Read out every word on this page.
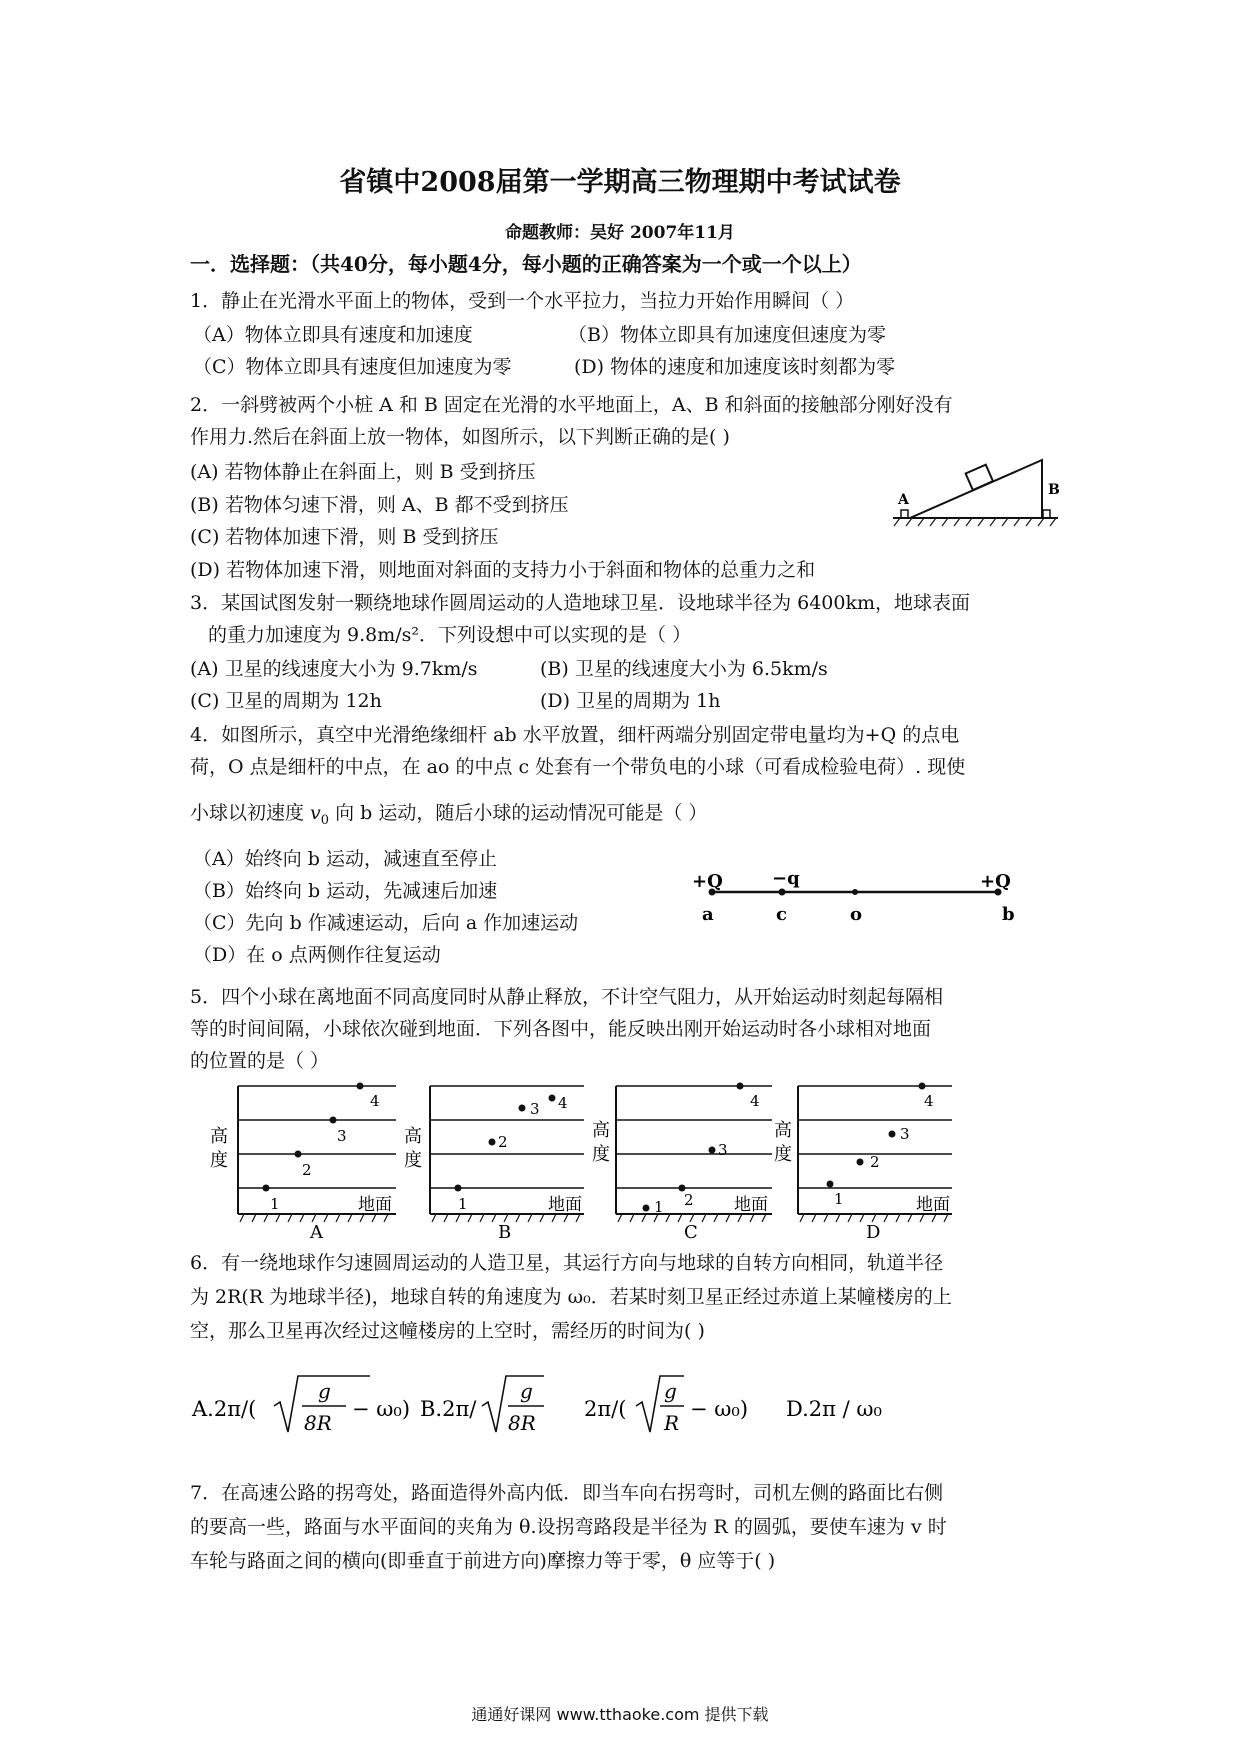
省镇中2008届第一学期高三物理期中考试试卷
命题教师：吴好 2007年11月
一．选择题：（共40分，每小题4分，每小题的正确答案为一个或一个以上）
1．静止在光滑水平面上的物体，受到一个水平拉力，当拉力开始作用瞬间（ ）
（A）物体立即具有速度和加速度	（B）物体立即具有加速度但速度为零
（C）物体立即具有速度但加速度为零	(D) 物体的速度和加速度该时刻都为零
2．一斜劈被两个小桩 A 和 B 固定在光滑的水平地面上，A、B 和斜面的接触部分刚好没有
作用力.然后在斜面上放一物体，如图所示，以下判断正确的是( )
(A) 若物体静止在斜面上，则 B 受到挤压
(B) 若物体匀速下滑，则 A、B 都不受到挤压
(C) 若物体加速下滑，则 B 受到挤压
(D) 若物体加速下滑，则地面对斜面的支持力小于斜面和物体的总重力之和
A
B
3．某国试图发射一颗绕地球作圆周运动的人造地球卫星．设地球半径为 6400km，地球表面
的重力加速度为 9.8m/s²．下列设想中可以实现的是（ ）
(A) 卫星的线速度大小为 9.7km/s	(B) 卫星的线速度大小为 6.5km/s
(C) 卫星的周期为 12h	(D) 卫星的周期为 1h
4．如图所示，真空中光滑绝缘细杆 ab 水平放置，细杆两端分别固定带电量均为+Q 的点电
荷，O 点是细杆的中点，在 ao 的中点 c 处套有一个带负电的小球（可看成检验电荷）. 现使
小球以初速度 $v_0$ 向 b 运动，随后小球的运动情况可能是（ ）
（A）始终向 b 运动，减速直至停止
（B）始终向 b 运动，先减速后加速
（C）先向 b 作减速运动，后向 a 作加速运动
（D）在 o 点两侧作往复运动
+Q	−q	+Q
a	c	o	b
5．四个小球在离地面不同高度同时从静止释放，不计空气阻力，从开始运动时刻起每隔相
等的时间间隔，小球依次碰到地面．下列各图中，能反映出刚开始运动时各小球相对地面
的位置的是（ ）
高
度
1
2
3
4
地面
A
高
度
1
2
3 4
地面
B
高
度
1 2
3
4
地面
C
高
度
1
2
3
4
地面
D
6．有一绕地球作匀速圆周运动的人造卫星，其运行方向与地球的自转方向相同，轨道半径
为 2R(R 为地球半径)，地球自转的角速度为 ω₀．若某时刻卫星正经过赤道上某幢楼房的上
空，那么卫星再次经过这幢楼房的上空时，需经历的时间为( )
A.2π/(
g
8R
− ω₀) B.2π/
g
8R
2π/(
g
R
− ω₀) D.2π / ω₀
7．在高速公路的拐弯处，路面造得外高内低．即当车向右拐弯时，司机左侧的路面比右侧
的要高一些，路面与水平面间的夹角为 θ.设拐弯路段是半径为 R 的圆弧，要使车速为 v 时
车轮与路面之间的横向(即垂直于前进方向)摩擦力等于零，θ 应等于( )
通通好课网 www.tthaoke.com 提供下载
